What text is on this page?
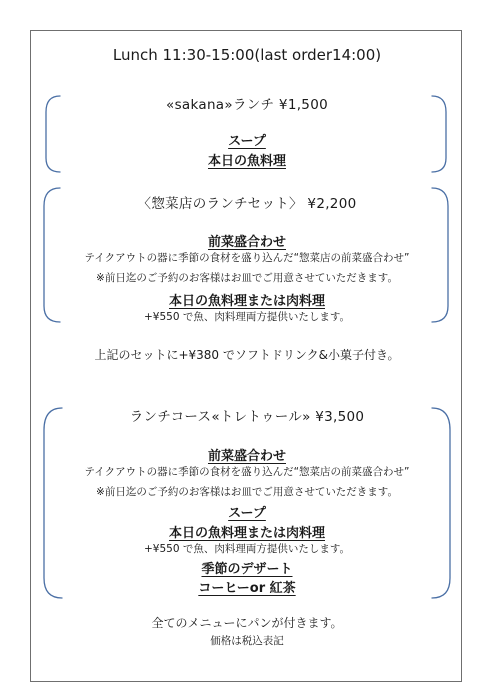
Lunch 11:30-15:00(last order14:00)
«sakana»ランチ ¥1,500
スープ
本日の魚料理
〈惣菜店のランチセット〉 ¥2,200
前菜盛合わせ
テイクアウトの器に季節の食材を盛り込んだ“惣菜店の前菜盛合わせ”
※前日迄のご予約のお客様はお皿でご用意させていただきます。
本日の魚料理または肉料理
+¥550 で魚、肉料理両方提供いたします。
上記のセットに+¥380 でソフトドリンク&小菓子付き。
ランチコース«トレトゥール» ¥3,500
前菜盛合わせ
テイクアウトの器に季節の食材を盛り込んだ“惣菜店の前菜盛合わせ”
※前日迄のご予約のお客様はお皿でご用意させていただきます。
スープ
本日の魚料理または肉料理
+¥550 で魚、肉料理両方提供いたします。
季節のデザート
コーヒーor 紅茶
全てのメニューにパンが付きます。
価格は税込表記
